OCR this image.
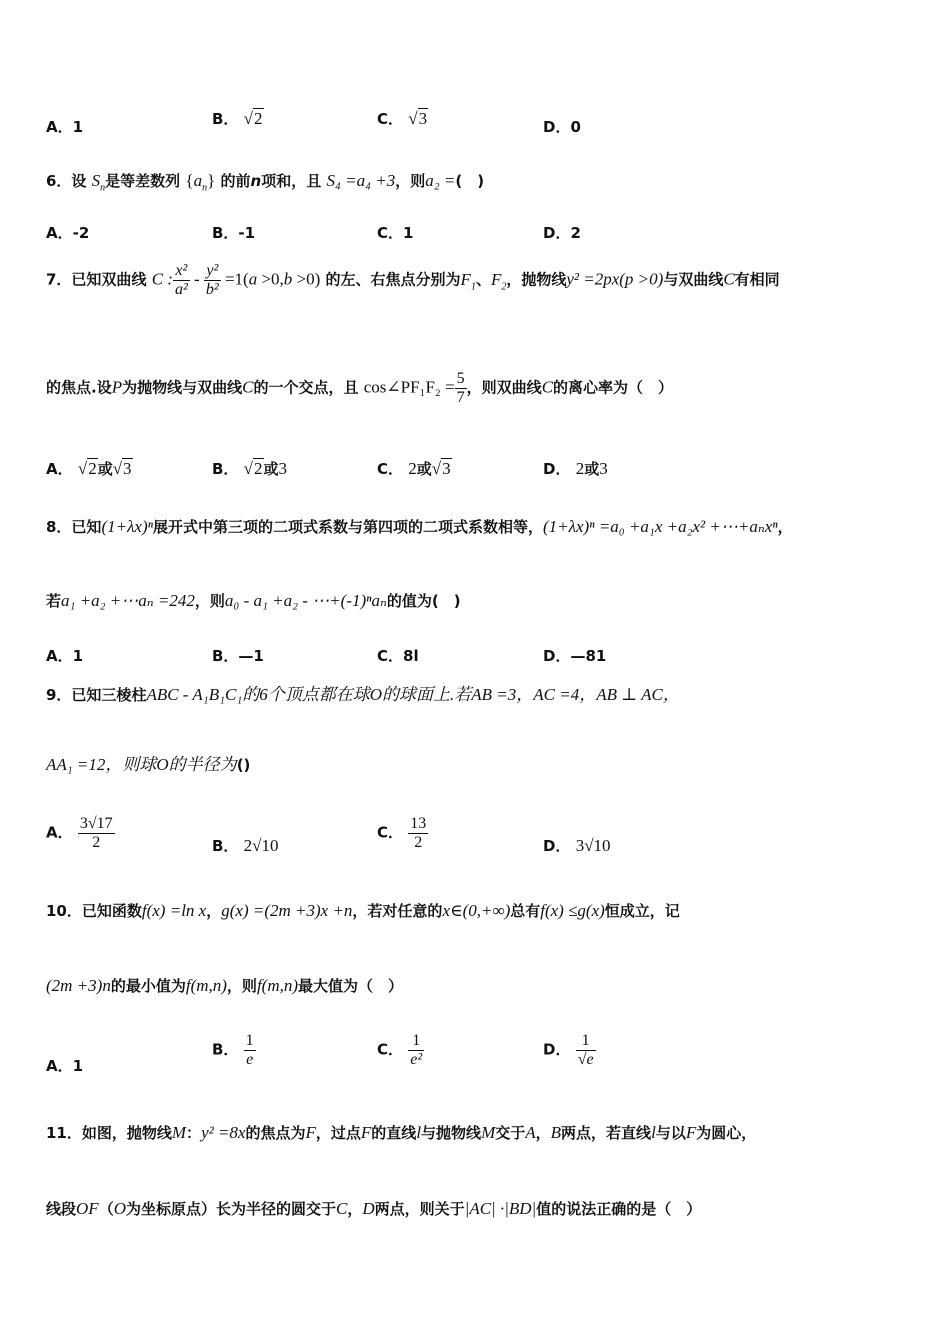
A．1	B． √2	C． √3	D．0
6．设 $S_n$是等差数列 $\{a_n\}$ 的前n项和，且 S₄ =a₄ +3，则a₂ =(　)
A．-2	B．-1	C．1	D．2
7．已知双曲线 C : $\frac{\text{x²}}{\text{a²}} - \frac{\text{y²}}{\text{b²}} =1(a >0,b >0)$ 的左、右焦点分别为$F_1$、$F_2$，抛物线y² =2px(p >0)与双曲线C有相同
的焦点.设P为抛物线与双曲线C的一个交点，且 cos∠PF₁F₂ = $\frac{5}{7}$ ，则双曲线C的离心率为（　）
A． √2或√3	B． √2或3	C． 2或√3	D． 2或3
8．已知(1+λx)ⁿ展开式中第三项的二项式系数与第四项的二项式系数相等，(1+λx)ⁿ =a₀ +a₁x +a₂x² +⋯+aₙxⁿ，
若a₁ +a₂ +⋯aₙ =242，则a₀ - a₁ +a₂ - ⋯+(-1)ⁿaₙ的值为(　)
A．1	B．—1	C．8l	D．—81
9．已知三棱柱ABC - A₁B₁C₁的6个顶点都在球O的球面上.若AB =3，AC =4，AB ⊥ AC，
AA₁ =12，则球O的半径为()
A． $\frac{3√17}{2}$	B． 2√10
C． $\frac{13}{2}$	D． 3√10
10．已知函数f(x) =ln x，g(x) =(2m +3)x +n，若对任意的x∈(0,+∞)总有f(x) ≤g(x)恒成立，记
(2m +3)n的最小值为f(m,n)，则f(m,n)最大值为（　）
A．1
B． $\frac{1}{e}$	C． $\frac{1}{\text{e²}}$	D． $\frac{1}{√e}$
11．如图，抛物线M：y² =8x的焦点为F，过点F的直线l与抛物线M交于A，B两点，若直线l与以F为圆心，
线段OF（O为坐标原点）长为半径的圆交于C，D两点，则关于|AC| ·|BD|值的说法正确的是（　）
